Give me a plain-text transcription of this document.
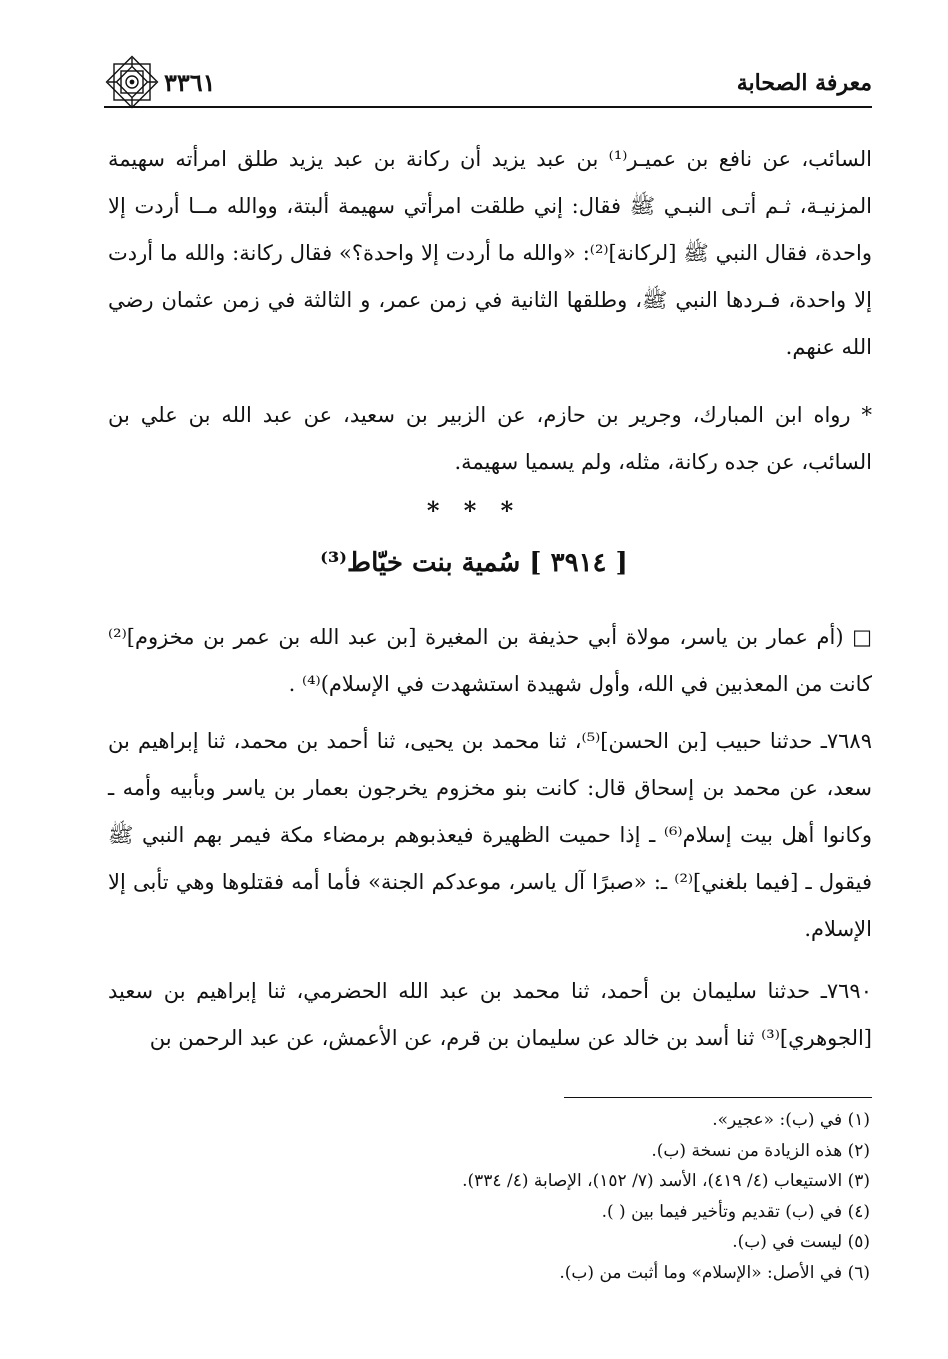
معرفة الصحابة
٣٣٦١
السائب، عن نافع بن عميـر⁽¹⁾ بن عبد يزيد أن ركانة بن عبد يزيد طلق امرأته سهيمة المزنيـة، ثـم أتـى النبـي ﷺ فقال: إني طلقت امرأتي سهيمة ألبتة، ووالله مــا أردت إلا واحدة، فقال النبي ﷺ [لركانة]⁽²⁾: «والله ما أردت إلا واحدة؟» فقال ركانة: والله ما أردت إلا واحدة، فـردها النبي ﷺ، وطلقها الثانية في زمن عمر، و الثالثة في زمن عثمان رضي الله عنهم.
* رواه ابن المبارك، وجرير بن حازم، عن الزبير بن سعيد، عن عبد الله بن علي بن السائب، عن جده ركانة، مثله، ولم يسميا سهيمة.
* * *
[ ٣٩١٤ ] سُمية بنت خيّاط⁽³⁾
□ (أم عمار بن ياسر، مولاة أبي حذيفة بن المغيرة [بن عبد الله بن عمر بن مخزوم]⁽²⁾ كانت من المعذبين في الله، وأول شهيدة استشهدت في الإسلام)⁽⁴⁾ .
٧٦٨٩ـ حدثنا حبيب [بن الحسن]⁽⁵⁾، ثنا محمد بن يحيى، ثنا أحمد بن محمد، ثنا إبراهيم بن سعد، عن محمد بن إسحاق قال: كانت بنو مخزوم يخرجون بعمار بن ياسر وبأبيه وأمه ـ وكانوا أهل بيت إسلام⁽⁶⁾ ـ إذا حميت الظهيرة فيعذبوهم برمضاء مكة فيمر بهم النبي ﷺ فيقول ـ [فيما بلغني]⁽²⁾ ـ: «صبرًا آل ياسر، موعدكم الجنة» فأما أمه فقتلوها وهي تأبى إلا الإسلام.
٧٦٩٠ـ حدثنا سليمان بن أحمد، ثنا محمد بن عبد الله الحضرمي، ثنا إبراهيم بن سعيد [الجوهري]⁽³⁾ ثنا أسد بن خالد عن سليمان بن قرم، عن الأعمش، عن عبد الرحمن بن
(١) في (ب): «عجير».
(٢) هذه الزيادة من نسخة (ب).
(٣) الاستيعاب (٤/ ٤١٩)، الأسد (٧/ ١٥٢)، الإصابة (٤/ ٣٣٤).
(٤) في (ب) تقديم وتأخير فيما بين ( ).
(٥) ليست في (ب).
(٦) في الأصل: «الإسلام» وما أثبت من (ب).
